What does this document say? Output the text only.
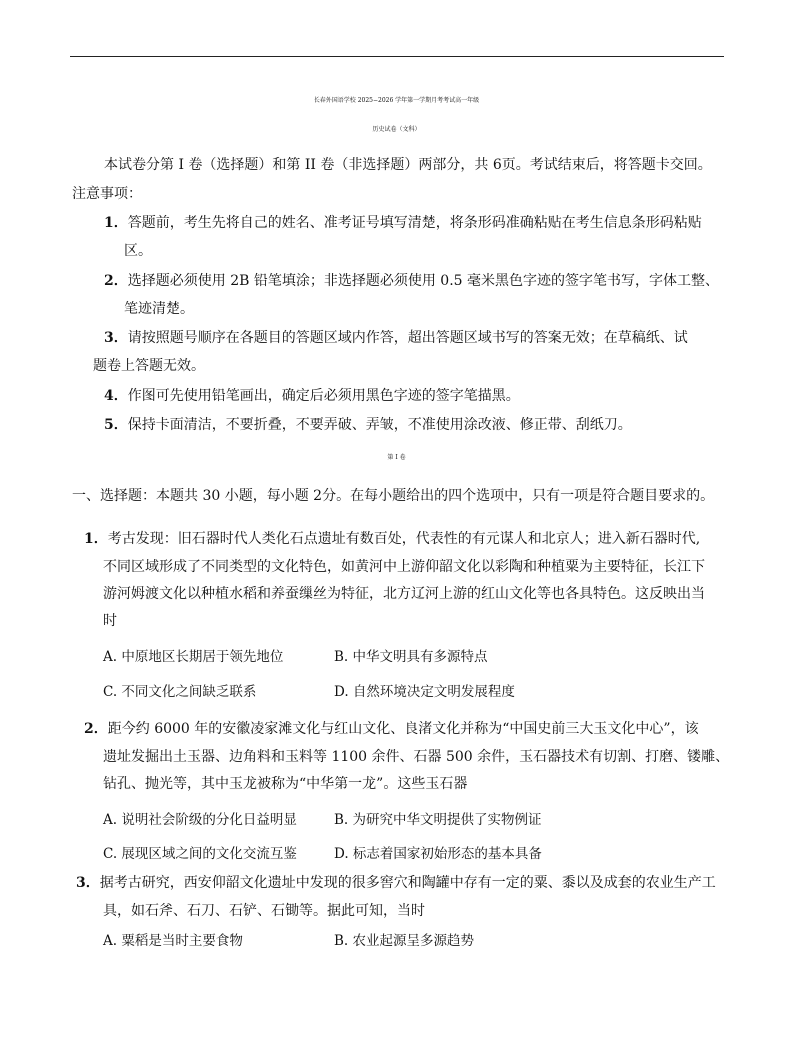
长春外国语学校 2025−2026 学年第一学期月考考试高一年级
历史试卷（文科）
本试卷分第 I 卷（选择题）和第 II 卷（非选择题）两部分，共 6页。考试结束后，将答题卡交回。
注意事项：
1．答题前，考生先将自己的姓名、准考证号填写清楚，将条形码准确粘贴在考生信息条形码粘贴
区。
2．选择题必须使用 2B 铅笔填涂；非选择题必须使用 0.5 毫米黑色字迹的签字笔书写，字体工整、
笔迹清楚。
3．请按照题号顺序在各题目的答题区域内作答，超出答题区域书写的答案无效；在草稿纸、试
题卷上答题无效。
4．作图可先使用铅笔画出，确定后必须用黑色字迹的签字笔描黑。
5．保持卡面清洁，不要折叠，不要弄破、弄皱，不准使用涂改液、修正带、刮纸刀。
第 I 卷
一、选择题：本题共 30 小题，每小题 2分。在每小题给出的四个选项中，只有一项是符合题目要求的。
1．考古发现：旧石器时代人类化石点遗址有数百处，代表性的有元谋人和北京人；进入新石器时代,
不同区域形成了不同类型的文化特色，如黄河中上游仰韶文化以彩陶和种植粟为主要特征，长江下
游河姆渡文化以种植水稻和养蚕缫丝为特征，北方辽河上游的红山文化等也各具特色。这反映出当
时
A. 中原地区长期居于领先地位	B. 中华文明具有多源特点
C. 不同文化之间缺乏联系	D. 自然环境决定文明发展程度
2．距今约 6000 年的安徽凌家滩文化与红山文化、良渚文化并称为“中国史前三大玉文化中心”，该
遗址发掘出土玉器、边角料和玉料等 1100 余件、石器 500 余件，玉石器技术有切割、打磨、镂雕、
钻孔、抛光等，其中玉龙被称为“中华第一龙”。这些玉石器
A. 说明社会阶级的分化日益明显	B. 为研究中华文明提供了实物例证
C. 展现区域之间的文化交流互鉴	D. 标志着国家初始形态的基本具备
3．据考古研究，西安仰韶文化遗址中发现的很多窖穴和陶罐中存有一定的粟、黍以及成套的农业生产工
具，如石斧、石刀、石铲、石锄等。据此可知，当时
A. 粟稻是当时主要食物	B. 农业起源呈多源趋势
